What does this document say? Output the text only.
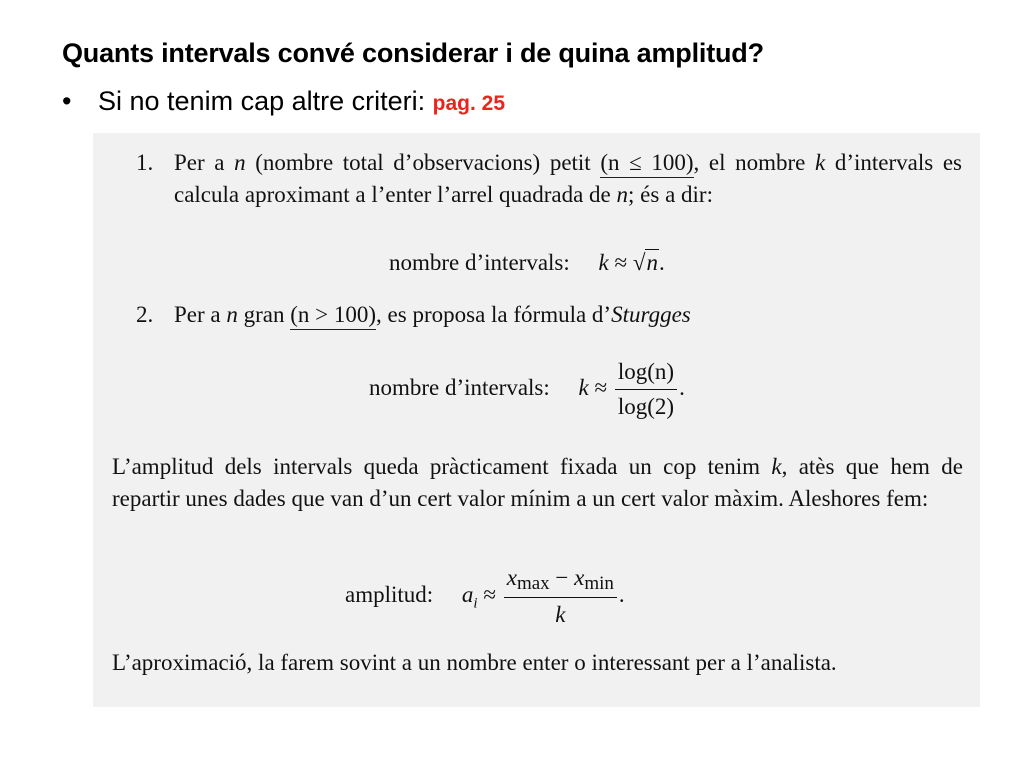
Quants intervals convé considerar i de quina amplitud?
• Si no tenim cap altre criteri: pag. 25
1. Per a n (nombre total d’observacions) petit (n ≤ 100), el nombre k d’intervals es calcula aproximant a l’enter l’arrel quadrada de n; és a dir:
nombre d’intervals: k ≈ √n.
2. Per a n gran (n > 100), es proposa la fórmula d’Sturgges
nombre d’intervals: $k \approx \frac{\log(n)}{\log(2)}$ .
L’amplitud dels intervals queda pràcticament fixada un cop tenim k, atès que hem de repartir unes dades que van d’un cert valor mínim a un cert valor màxim. Aleshores fem:
amplitud: $a_i \approx \frac{xmax - xmin}{k}$ .
L’aproximació, la farem sovint a un nombre enter o interessant per a l’analista.
